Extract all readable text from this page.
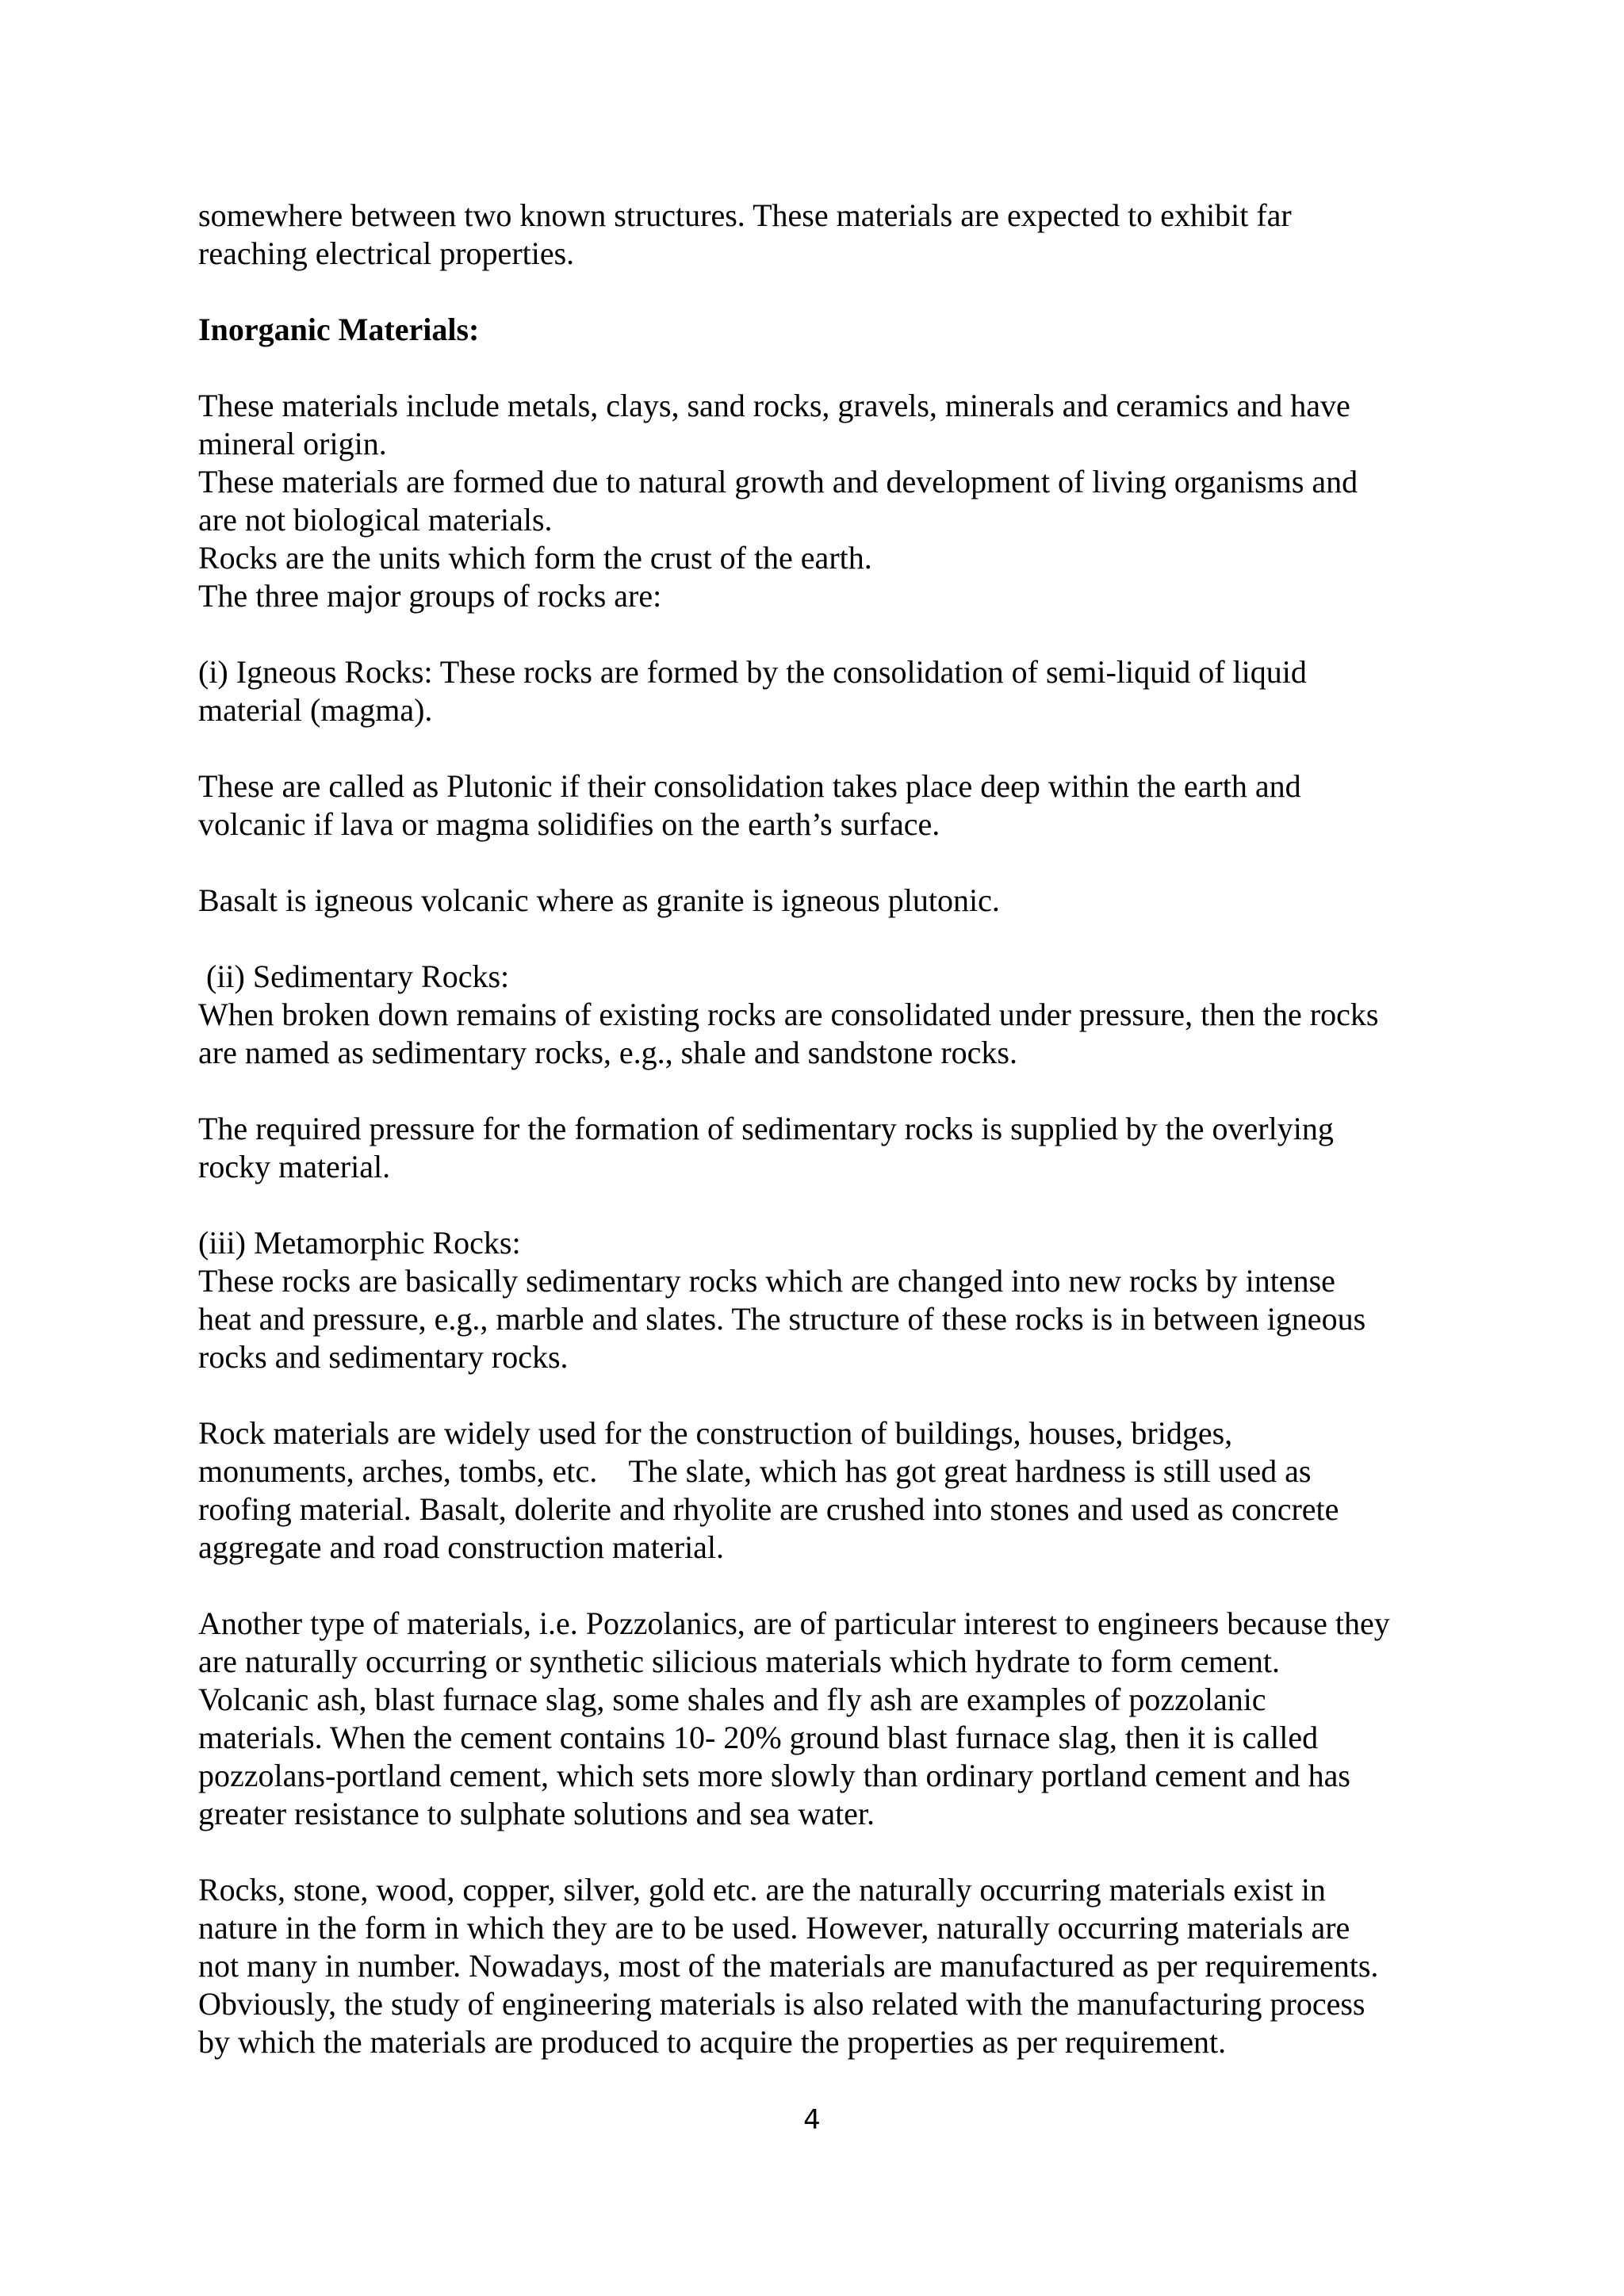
somewhere between two known structures. These materials are expected to exhibit far
reaching electrical properties.
Inorganic Materials:
These materials include metals, clays, sand rocks, gravels, minerals and ceramics and have
mineral origin.
These materials are formed due to natural growth and development of living organisms and
are not biological materials.
Rocks are the units which form the crust of the earth.
The three major groups of rocks are:
(i) Igneous Rocks: These rocks are formed by the consolidation of semi-liquid of liquid
material (magma).
These are called as Plutonic if their consolidation takes place deep within the earth and
volcanic if lava or magma solidifies on the earth’s surface.
Basalt is igneous volcanic where as granite is igneous plutonic.
(ii) Sedimentary Rocks:
When broken down remains of existing rocks are consolidated under pressure, then the rocks
are named as sedimentary rocks, e.g., shale and sandstone rocks.
The required pressure for the formation of sedimentary rocks is supplied by the overlying
rocky material.
(iii) Metamorphic Rocks:
These rocks are basically sedimentary rocks which are changed into new rocks by intense
heat and pressure, e.g., marble and slates. The structure of these rocks is in between igneous
rocks and sedimentary rocks.
Rock materials are widely used for the construction of buildings, houses, bridges,
monuments, arches, tombs, etc.    The slate, which has got great hardness is still used as
roofing material. Basalt, dolerite and rhyolite are crushed into stones and used as concrete
aggregate and road construction material.
Another type of materials, i.e. Pozzolanics, are of particular interest to engineers because they
are naturally occurring or synthetic silicious materials which hydrate to form cement.
Volcanic ash, blast furnace slag, some shales and fly ash are examples of pozzolanic
materials. When the cement contains 10- 20% ground blast furnace slag, then it is called
pozzolans-portland cement, which sets more slowly than ordinary portland cement and has
greater resistance to sulphate solutions and sea water.
Rocks, stone, wood, copper, silver, gold etc. are the naturally occurring materials exist in
nature in the form in which they are to be used. However, naturally occurring materials are
not many in number. Nowadays, most of the materials are manufactured as per requirements.
Obviously, the study of engineering materials is also related with the manufacturing process
by which the materials are produced to acquire the properties as per requirement.
4
